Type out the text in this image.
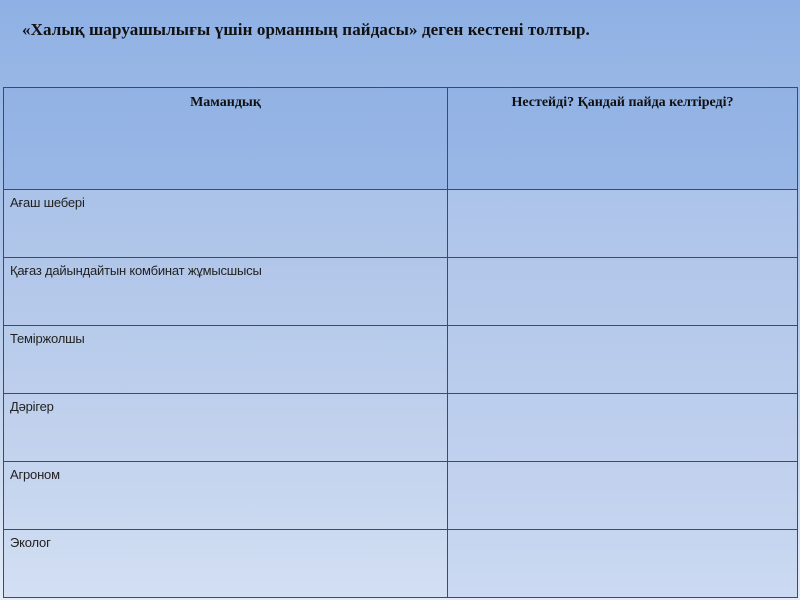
«Халық шаруашылығы үшін орманның пайдасы» деген кестені толтыр.
Мамандық	Нестейді? Қандай пайда келтіреді?
Ағаш шебері	
Қағаз дайындайтын комбинат жұмысшысы	
Теміржолшы	
Дәрігер	
Агроном	
Эколог	
